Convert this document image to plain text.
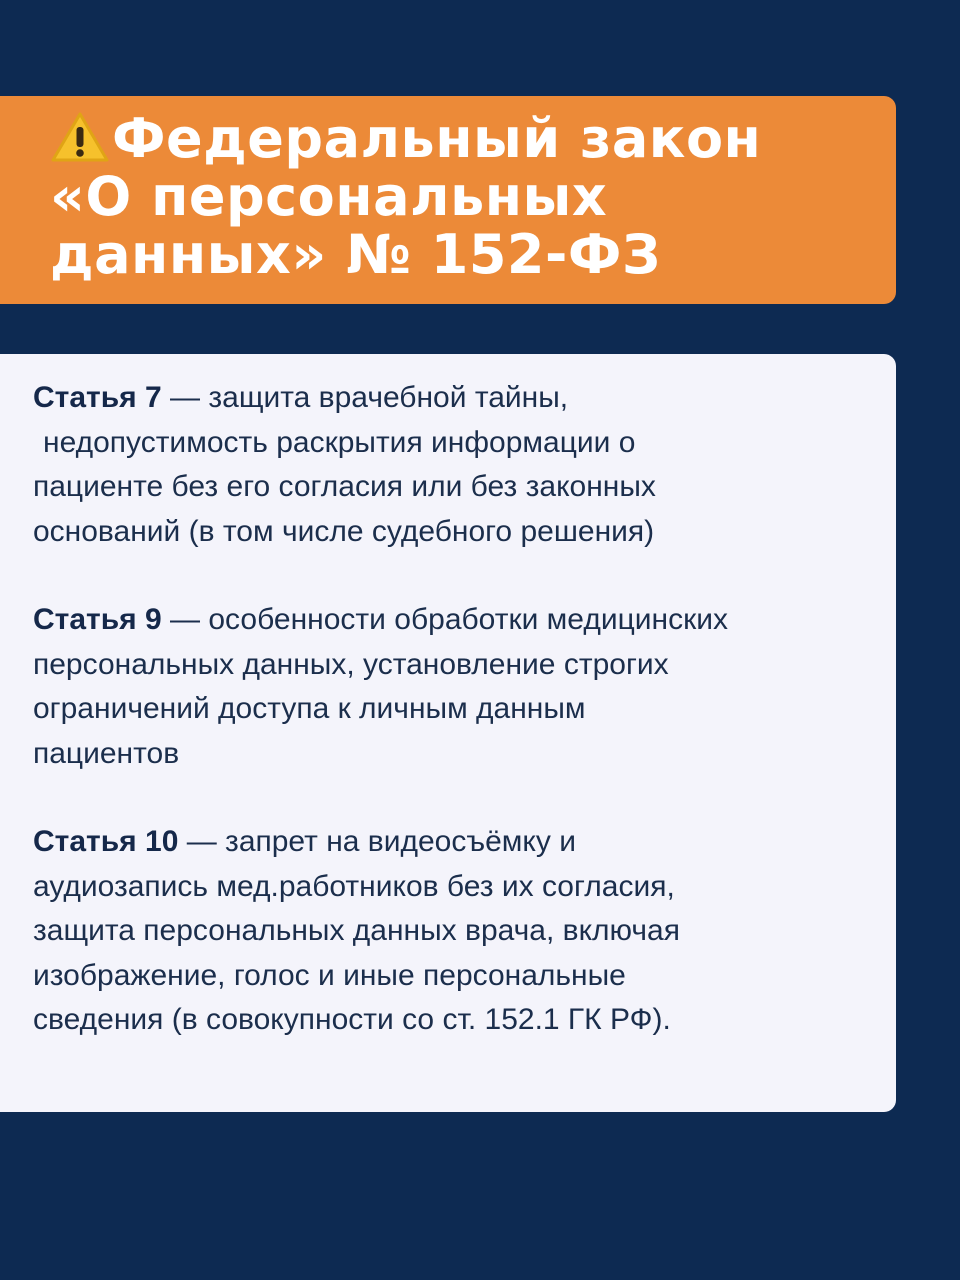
Федеральный закон
«О персональных
данных» № 152-ФЗ
Статья 7 — защита врачебной тайны,
недопустимость раскрытия информации о
пациенте без его согласия или без законных
оснований (в том числе судебного решения)
Статья 9 — особенности обработки медицинских
персональных данных, установление строгих
ограничений доступа к личным данным
пациентов
Статья 10 — запрет на видеосъёмку и
аудиозапись мед.работников без их согласия,
защита персональных данных врача, включая
изображение, голос и иные персональные
сведения (в совокупности со ст. 152.1 ГК РФ).
